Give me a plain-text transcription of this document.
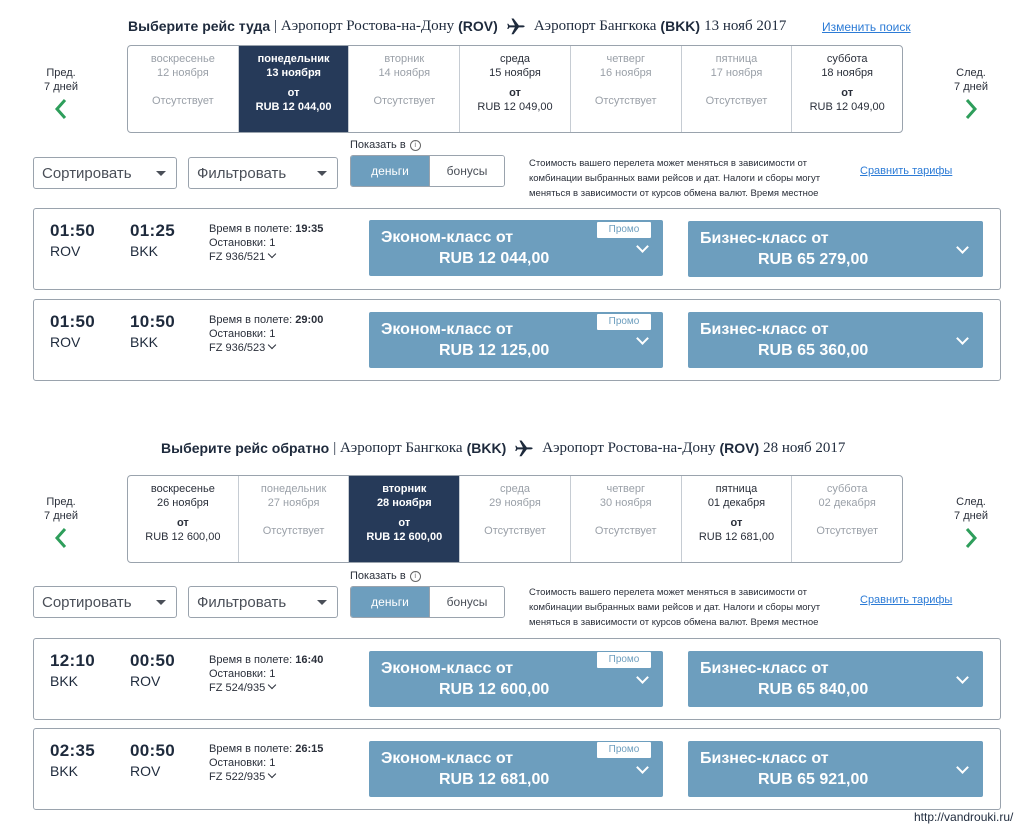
Выберите рейс туда | Аэропорт Ростова-на-Дону (ROV) Аэропорт Бангкока (BKK) 13 нояб 2017	Изменить поиск
Пред.
7 дней
След.
7 дней
воскресенье
12 ноября
Отсутствует
понедельник
13 ноября
от
RUB 12 044,00
вторник
14 ноября
Отсутствует
среда
15 ноября
от
RUB 12 049,00
четверг
16 ноября
Отсутствует
пятница
17 ноября
Отсутствует
суббота
18 ноября
от
RUB 12 049,00
Сортировать	Фильтровать
Показать в	i
деньги	бонусы
Стоимость вашего перелета может меняться в зависимости от комбинации выбранных вами рейсов и дат. Налоги и сборы могут меняться в зависимости от курсов обмена валют. Время местное
Сравнить тарифы
01:50
ROV
01:25
BKK
Время в полете: 19:35
Остановки: 1
FZ 936/521
Эконом-класс от
RUB 12 044,00
Промо
Бизнес-класс от
RUB 65 279,00
01:50
ROV
10:50
BKK
Время в полете: 29:00
Остановки: 1
FZ 936/523
Эконом-класс от
RUB 12 125,00
Промо	Бизнес-класс от
RUB 65 360,00
Выберите рейс обратно | Аэропорт Бангкока (BKK) Аэропорт Ростова-на-Дону (ROV) 28 нояб 2017
Пред.
7 дней
След.
7 дней
воскресенье
26 ноября
от
RUB 12 600,00
понедельник
27 ноября
Отсутствует
вторник
28 ноября
от
RUB 12 600,00
среда
29 ноября
Отсутствует
четверг
30 ноября
Отсутствует
пятница
01 декабря
от
RUB 12 681,00
суббота
02 декабря
Отсутствует
Сортировать	Фильтровать
Показать в	i
деньги	бонусы
Стоимость вашего перелета может меняться в зависимости от комбинации выбранных вами рейсов и дат. Налоги и сборы могут меняться в зависимости от курсов обмена валют. Время местное
Сравнить тарифы
12:10
BKK
00:50
ROV
Время в полете: 16:40
Остановки: 1
FZ 524/935
Эконом-класс от
RUB 12 600,00
Промо
Бизнес-класс от
RUB 65 840,00
02:35
BKK
00:50
ROV
Время в полете: 26:15
Остановки: 1
FZ 522/935
Эконом-класс от
RUB 12 681,00
Промо
Бизнес-класс от
RUB 65 921,00
http://vandrouki.ru/
